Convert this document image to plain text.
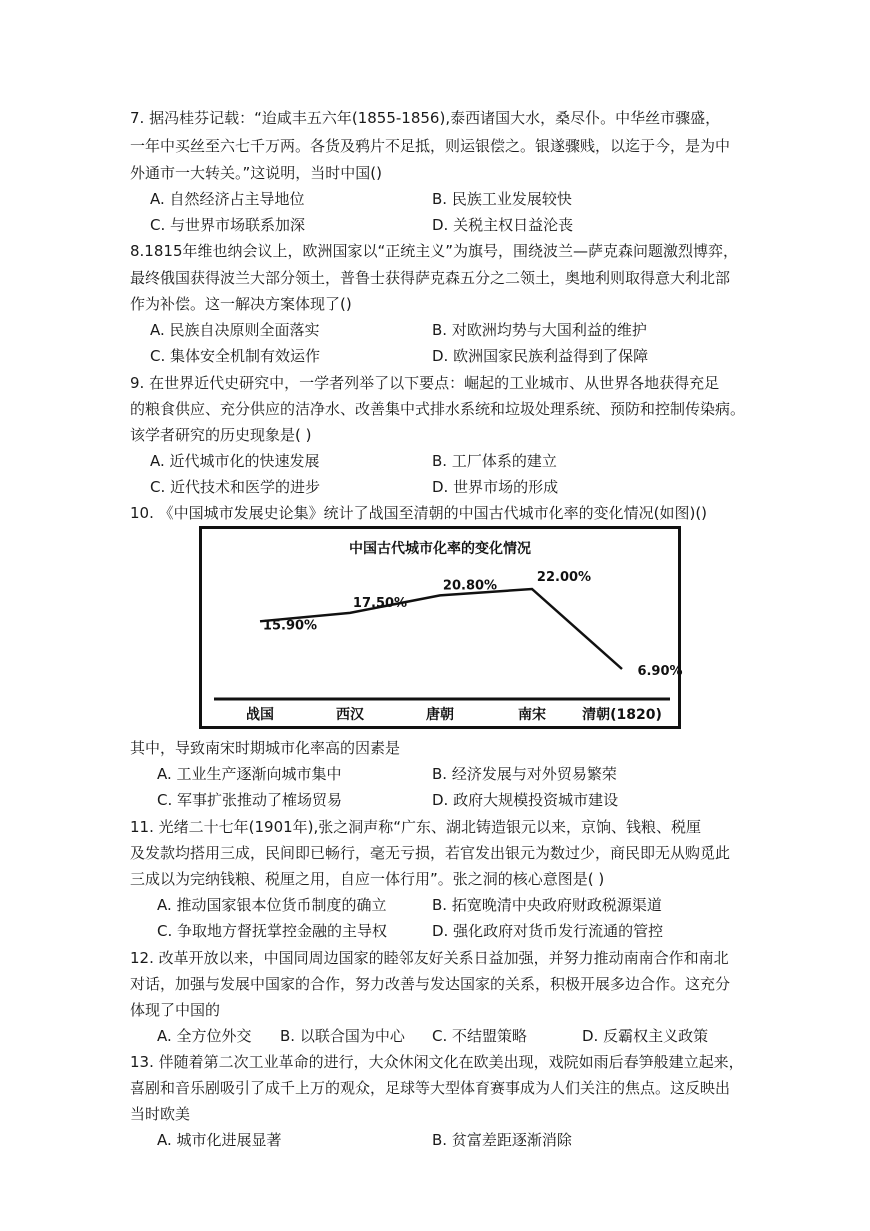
7. 据冯桂芬记载：“迨咸丰五六年(1855-1856),泰西诸国大水，桑尽仆。中华丝市骤盛，
一年中买丝至六七千万两。各货及鸦片不足抵，则运银偿之。银遂骤贱，以迄于今，是为中
外通市一大转关。”这说明，当时中国()
A. 自然经济占主导地位	B. 民族工业发展较快
C. 与世界市场联系加深	D. 关税主权日益沦丧
8.1815年维也纳会议上，欧洲国家以“正统主义”为旗号，围绕波兰—萨克森问题激烈博弈，
最终俄国获得波兰大部分领土，普鲁士获得萨克森五分之二领土，奥地利则取得意大利北部
作为补偿。这一解决方案体现了()
A. 民族自决原则全面落实	B. 对欧洲均势与大国利益的维护
C. 集体安全机制有效运作	D. 欧洲国家民族利益得到了保障
9. 在世界近代史研究中，一学者列举了以下要点：崛起的工业城市、从世界各地获得充足
的粮食供应、充分供应的洁净水、改善集中式排水系统和垃圾处理系统、预防和控制传染病。
该学者研究的历史现象是( )
A. 近代城市化的快速发展	B. 工厂体系的建立
C. 近代技术和医学的进步	D. 世界市场的形成
10. 《中国城市发展史论集》统计了战国至清朝的中国古代城市化率的变化情况(如图)()
中国古代城市化率的变化情况
15.90%
17.50%
20.80%
22.00%
6.90%
战国	西汉	唐朝	南宋	清朝(1820)
其中，导致南宋时期城市化率高的因素是
A. 工业生产逐渐向城市集中	B. 经济发展与对外贸易繁荣
C. 军事扩张推动了榷场贸易	D. 政府大规模投资城市建设
11. 光绪二十七年(1901年),张之洞声称“广东、湖北铸造银元以来，京饷、钱粮、税厘
及发款均搭用三成，民间即已畅行，毫无亏损，若官发出银元为数过少，商民即无从购觅此
三成以为完纳钱粮、税厘之用，自应一体行用”。张之洞的核心意图是( )
A. 推动国家银本位货币制度的确立	B. 拓宽晚清中央政府财政税源渠道
C. 争取地方督抚掌控金融的主导权	D. 强化政府对货币发行流通的管控
12. 改革开放以来，中国同周边国家的睦邻友好关系日益加强，并努力推动南南合作和南北
对话，加强与发展中国家的合作，努力改善与发达国家的关系，积极开展多边合作。这充分
体现了中国的
A. 全方位外交 B. 以联合国为中心 C. 不结盟策略	D. 反霸权主义政策
13. 伴随着第二次工业革命的进行，大众休闲文化在欧美出现，戏院如雨后春笋般建立起来，
喜剧和音乐剧吸引了成千上万的观众，足球等大型体育赛事成为人们关注的焦点。这反映出
当时欧美
A. 城市化进展显著	B. 贫富差距逐渐消除
